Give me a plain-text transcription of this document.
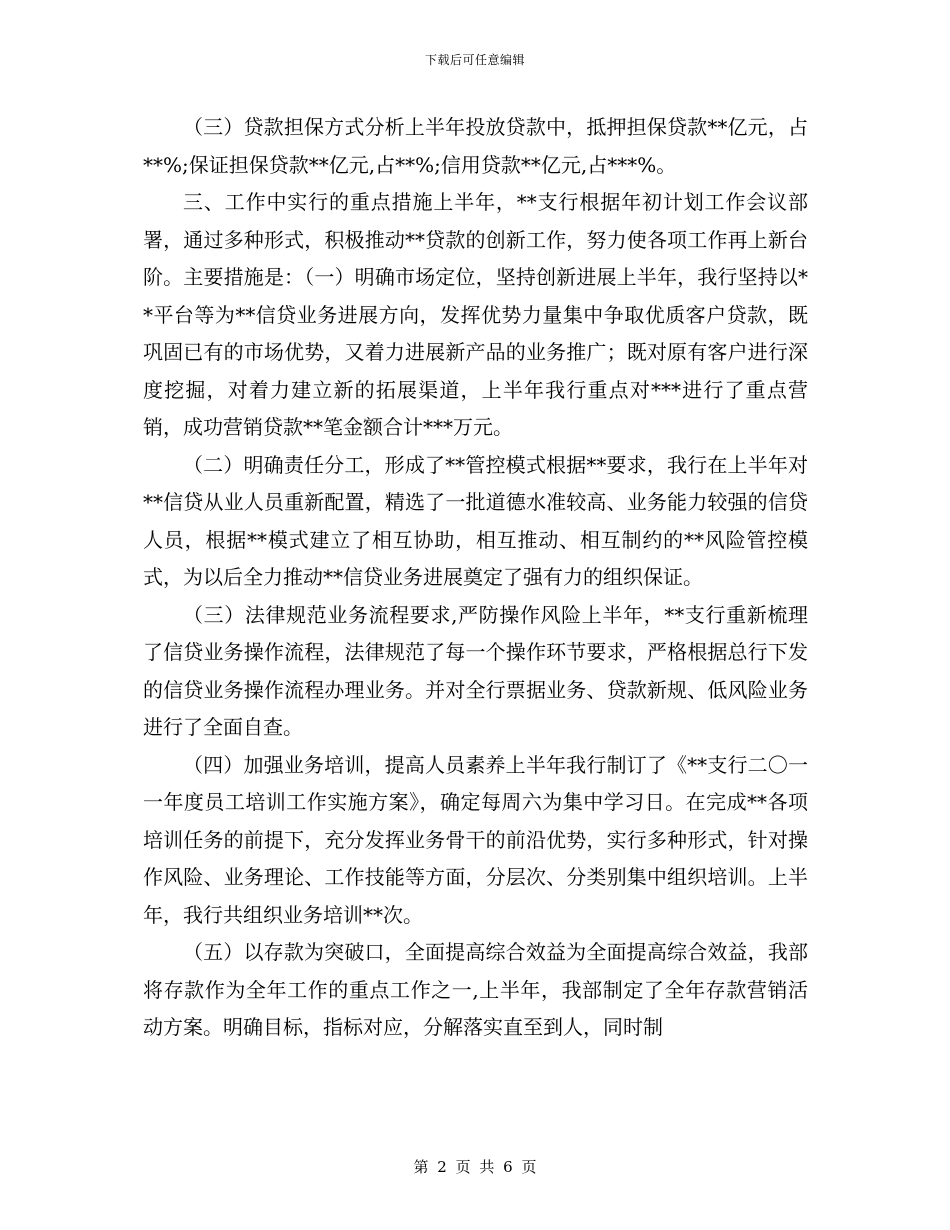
下载后可任意编辑

（三）贷款担保方式分析上半年投放贷款中，抵押担保贷款**亿元，占**%;保证担保贷款**亿元,占**%;信用贷款**亿元,占***%。

三、工作中实行的重点措施上半年，**支行根据年初计划工作会议部署，通过多种形式，积极推动**贷款的创新工作，努力使各项工作再上新台阶。主要措施是：（一）明确市场定位，坚持创新进展上半年，我行坚持以**平台等为**信贷业务进展方向，发挥优势力量集中争取优质客户贷款，既巩固已有的市场优势，又着力进展新产品的业务推广；既对原有客户进行深度挖掘，对着力建立新的拓展渠道，上半年我行重点对***进行了重点营销，成功营销贷款**笔金额合计***万元。

（二）明确责任分工，形成了**管控模式根据**要求，我行在上半年对**信贷从业人员重新配置，精选了一批道德水准较高、业务能力较强的信贷人员，根据**模式建立了相互协助，相互推动、相互制约的**风险管控模式，为以后全力推动**信贷业务进展奠定了强有力的组织保证。

（三）法律规范业务流程要求,严防操作风险上半年，**支行重新梳理了信贷业务操作流程，法律规范了每一个操作环节要求，严格根据总行下发的信贷业务操作流程办理业务。并对全行票据业务、贷款新规、低风险业务进行了全面自查。

（四）加强业务培训，提高人员素养上半年我行制订了《**支行二〇一一年度员工培训工作实施方案》，确定每周六为集中学习日。在完成**各项培训任务的前提下，充分发挥业务骨干的前沿优势，实行多种形式，针对操作风险、业务理论、工作技能等方面，分层次、分类别集中组织培训。上半年，我行共组织业务培训**次。

（五）以存款为突破口，全面提高综合效益为全面提高综合效益，我部将存款作为全年工作的重点工作之一,上半年，我部制定了全年存款营销活动方案。明确目标，指标对应，分解落实直至到人，同时制

第 2 页 共 6 页
